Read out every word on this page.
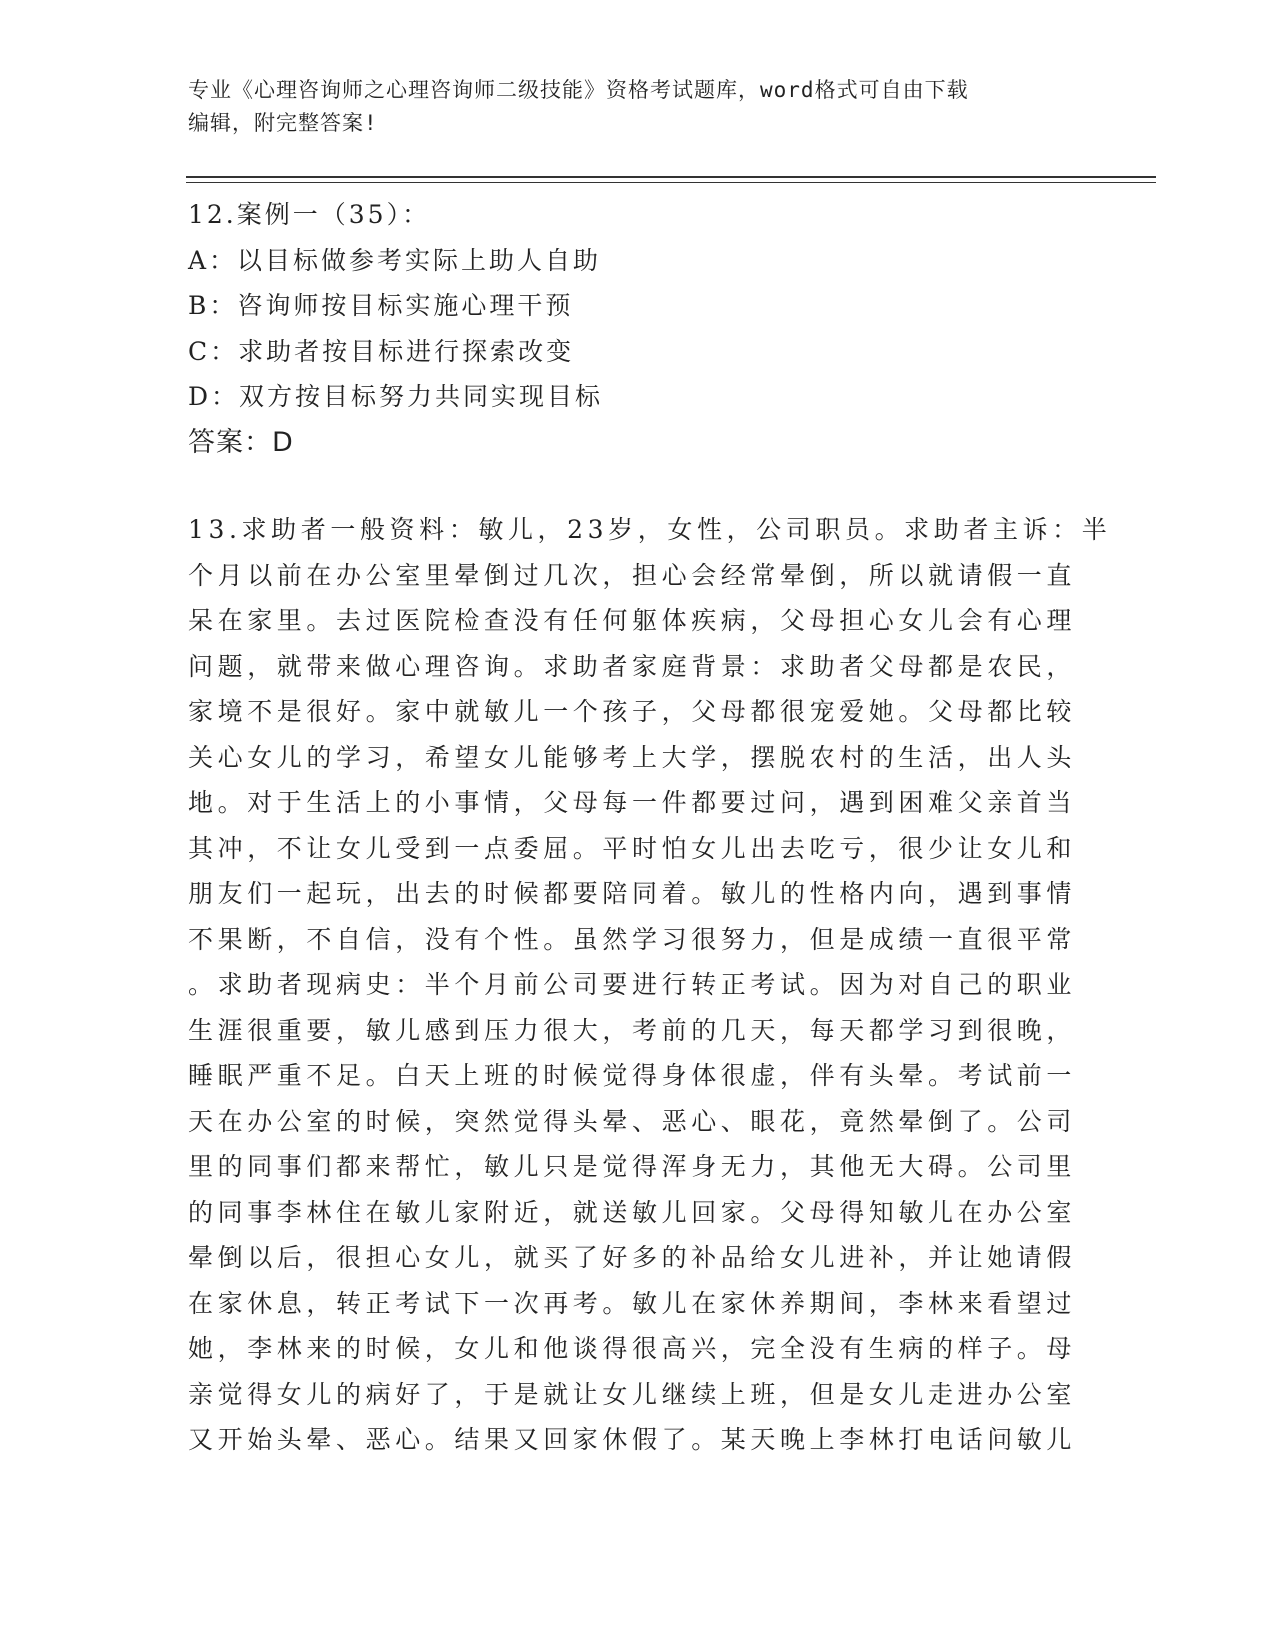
专业《心理咨询师之心理咨询师二级技能》资格考试题库，word格式可自由下载
编辑，附完整答案!
12.案例一（35）：
A：以目标做参考实际上助人自助
B：咨询师按目标实施心理干预
C：求助者按目标进行探索改变
D：双方按目标努力共同实现目标
答案：D
13.求助者一般资料：敏儿，23岁，女性，公司职员。求助者主诉：半
个月以前在办公室里晕倒过几次，担心会经常晕倒，所以就请假一直
呆在家里。去过医院检查没有任何躯体疾病，父母担心女儿会有心理
问题，就带来做心理咨询。求助者家庭背景：求助者父母都是农民，
家境不是很好。家中就敏儿一个孩子，父母都很宠爱她。父母都比较
关心女儿的学习，希望女儿能够考上大学，摆脱农村的生活，出人头
地。对于生活上的小事情，父母每一件都要过问，遇到困难父亲首当
其冲，不让女儿受到一点委屈。平时怕女儿出去吃亏，很少让女儿和
朋友们一起玩，出去的时候都要陪同着。敏儿的性格内向，遇到事情
不果断，不自信，没有个性。虽然学习很努力，但是成绩一直很平常
。求助者现病史：半个月前公司要进行转正考试。因为对自己的职业
生涯很重要，敏儿感到压力很大，考前的几天，每天都学习到很晚，
睡眠严重不足。白天上班的时候觉得身体很虚，伴有头晕。考试前一
天在办公室的时候，突然觉得头晕、恶心、眼花，竟然晕倒了。公司
里的同事们都来帮忙，敏儿只是觉得浑身无力，其他无大碍。公司里
的同事李林住在敏儿家附近，就送敏儿回家。父母得知敏儿在办公室
晕倒以后，很担心女儿，就买了好多的补品给女儿进补，并让她请假
在家休息，转正考试下一次再考。敏儿在家休养期间，李林来看望过
她，李林来的时候，女儿和他谈得很高兴，完全没有生病的样子。母
亲觉得女儿的病好了，于是就让女儿继续上班，但是女儿走进办公室
又开始头晕、恶心。结果又回家休假了。某天晚上李林打电话问敏儿
